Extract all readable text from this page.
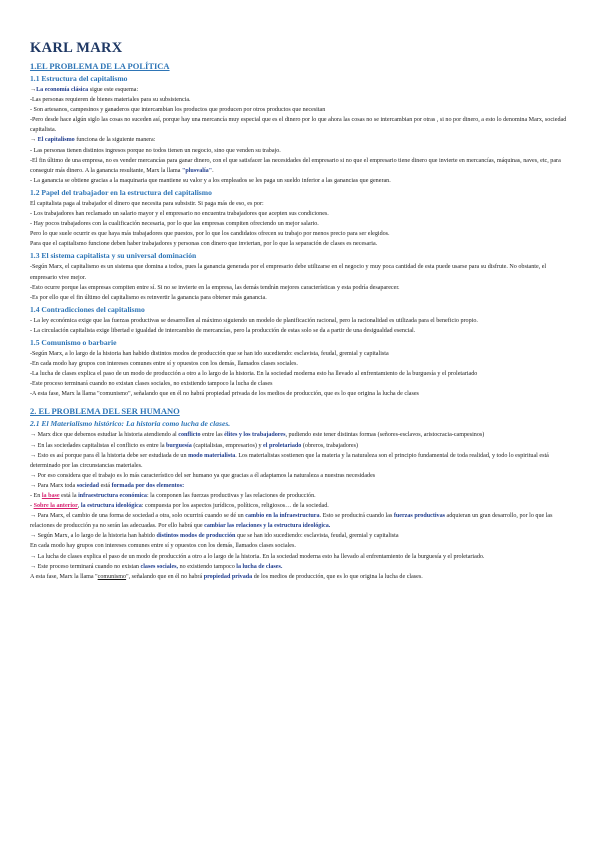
KARL MARX
1.EL PROBLEMA DE LA POLÍTICA
1.1 Estructura del capitalismo

→La economía clásica sigue este esquema:

-Las personas requieren de bienes materiales para su subsistencia.

- Son artesanos, campesinos y ganaderos que intercambian los productos que producen por otros productos que necesitan

-Pero desde hace algún siglo las cosas no suceden así, porque hay una mercancía muy especial que es el dinero por lo que ahora las cosas no se intercambian por otras , si no por dinero, a esto lo denomina Marx, sociedad capitalista.

→ El capitalismo funciona de la siguiente manera:

- Las personas tienen distintos ingresos porque no todos tienen un negocio, sino que venden su trabajo.

-El fin último de una empresa, no es vender mercancías para ganar dinero, con el que satisfacer las necesidades del empresario si no que el empresario tiene dinero que invierte en mercancías, máquinas, naves, etc, para conseguir más dinero. A la ganancia resultante, Marx la llama "plusvalía".

- La ganancia se obtiene gracias a la maquinaria que mantiene su valor y a los empleados se les paga un sueldo inferior a las ganancias que generan.

1.2 Papel del trabajador en la estructura del capitalismo

El capitalista paga al trabajador el dinero que necesita para subsistir. Si paga más de eso, es por:

- Los trabajadores han reclamado un salario mayor y el empresario no encuentra trabajadores que acepten sus condiciones.

- Hay pocos trabajadores con la cualificación necesaria, por lo que las empresas compiten ofreciendo un mejor salario.

Pero lo que suele ocurrir es que haya más trabajadores que puestos, por lo que los candidatos ofrecen su trabajo por menos precio para ser elegidos.

Para que el capitalismo funcione deben haber trabajadores y personas con dinero que inviertan, por lo que la separación de clases es necesaria.

1.3 El sistema capitalista y su universal dominación

-Según Marx, el capitalismo es un sistema que domina a todos, pues la ganancia generada por el empresario debe utilizarse en el negocio y muy poca cantidad de esta puede usarse para su disfrute. No obstante, el empresario vive mejor.

-Esto ocurre porque las empresas compiten entre sí. Si no se invierte en la empresa, las demás tendrán mejores características y esta podría desaparecer.

-Es por ello que el fin último del capitalismo es reinvertir la ganancia para obtener más ganancia.

1.4 Contradicciones del capitalismo

- La ley económica exige que las fuerzas productivas se desarrollen al máximo siguiendo un modelo de planificación racional, pero la racionalidad es utilizada para el beneficio propio.

- La circulación capitalista exige libertad e igualdad de intercambio de mercancías, pero la producción de estas solo se da a partir de una desigualdad esencial.

1.5 Comunismo o barbarie

-Según Marx, a lo largo de la historia han habido distintos modos de producción que se han ido sucediendo: esclavista, feudal, gremial y capitalista

-En cada modo hay grupos con intereses comunes entre sí y opuestos con los demás, llamados clases sociales.

-La lucha de clases explica el paso de un modo de producción a otro a lo largo de la historia. En la sociedad moderna esto ha llevado al enfrentamiento de la burguesía y el proletariado

-Este proceso terminará cuando no existan clases sociales, no existiendo tampoco la lucha de clases

-A esta fase, Marx la llama "comunismo", señalando que en él no habrá propiedad privada de los medios de producción, que es lo que origina la lucha de clases

2. EL PROBLEMA DEL SER HUMANO
2.1 El Materialismo histórico: La historia como lucha de clases.

→ Marx dice que debemos estudiar la historia atendiendo al conflicto entre las élites y los trabajadores, pudiendo este tener distintas formas (señores-esclavos, aristocracia-campesinos)

→ En las sociedades capitalistas el conflicto es entre la burguesía (capitalistas, empresarios) y el proletariado (obreros, trabajadores)

→ Esto es así porque para él la historia debe ser estudiada de un modo materialista. Los materialistas sostienen que la materia y la naturaleza son el principio fundamental de toda realidad, y todo lo espiritual está determinado por las circunstancias materiales.

→ Por eso considera que el trabajo es lo más característico del ser humano ya que gracias a él adaptamos la naturaleza a nuestras necesidades

→ Para Marx toda sociedad está formada por dos elementos:

- En la base está la infraestructura económica: la componen las fuerzas productivas y las relaciones de producción.

- Sobre la anterior, la estructura ideológica: compuesta por los aspectos jurídicos, políticos, religiosos… de la sociedad.

→ Para Marx, el cambio de una forma de sociedad a otra, solo ocurrirá cuando se dé un cambio en la infraestructura. Esto se producirá cuando las fuerzas productivas adquieran un gran desarrollo, por lo que las relaciones de producción ya no serán las adecuadas. Por ello habrá que cambiar las relaciones y la estructura ideológica.

→ Según Marx, a lo largo de la historia han habido distintos modos de producción que se han ido sucediendo: esclavista, feudal, gremial y capitalista

En cada modo hay grupos con intereses comunes entre sí y opuestos con los demás, llamados clases sociales.

→ La lucha de clases explica el paso de un modo de producción a otro a lo largo de la historia. En la sociedad moderna esto ha llevado al enfrentamiento de la burguesía y el proletariado.

→ Este proceso terminará cuando no existan clases sociales, no existiendo tampoco la lucha de clases.

A esta fase, Marx la llama "comunismo", señalando que en él no habrá propiedad privada de los medios de producción, que es lo que origina la lucha de clases.
